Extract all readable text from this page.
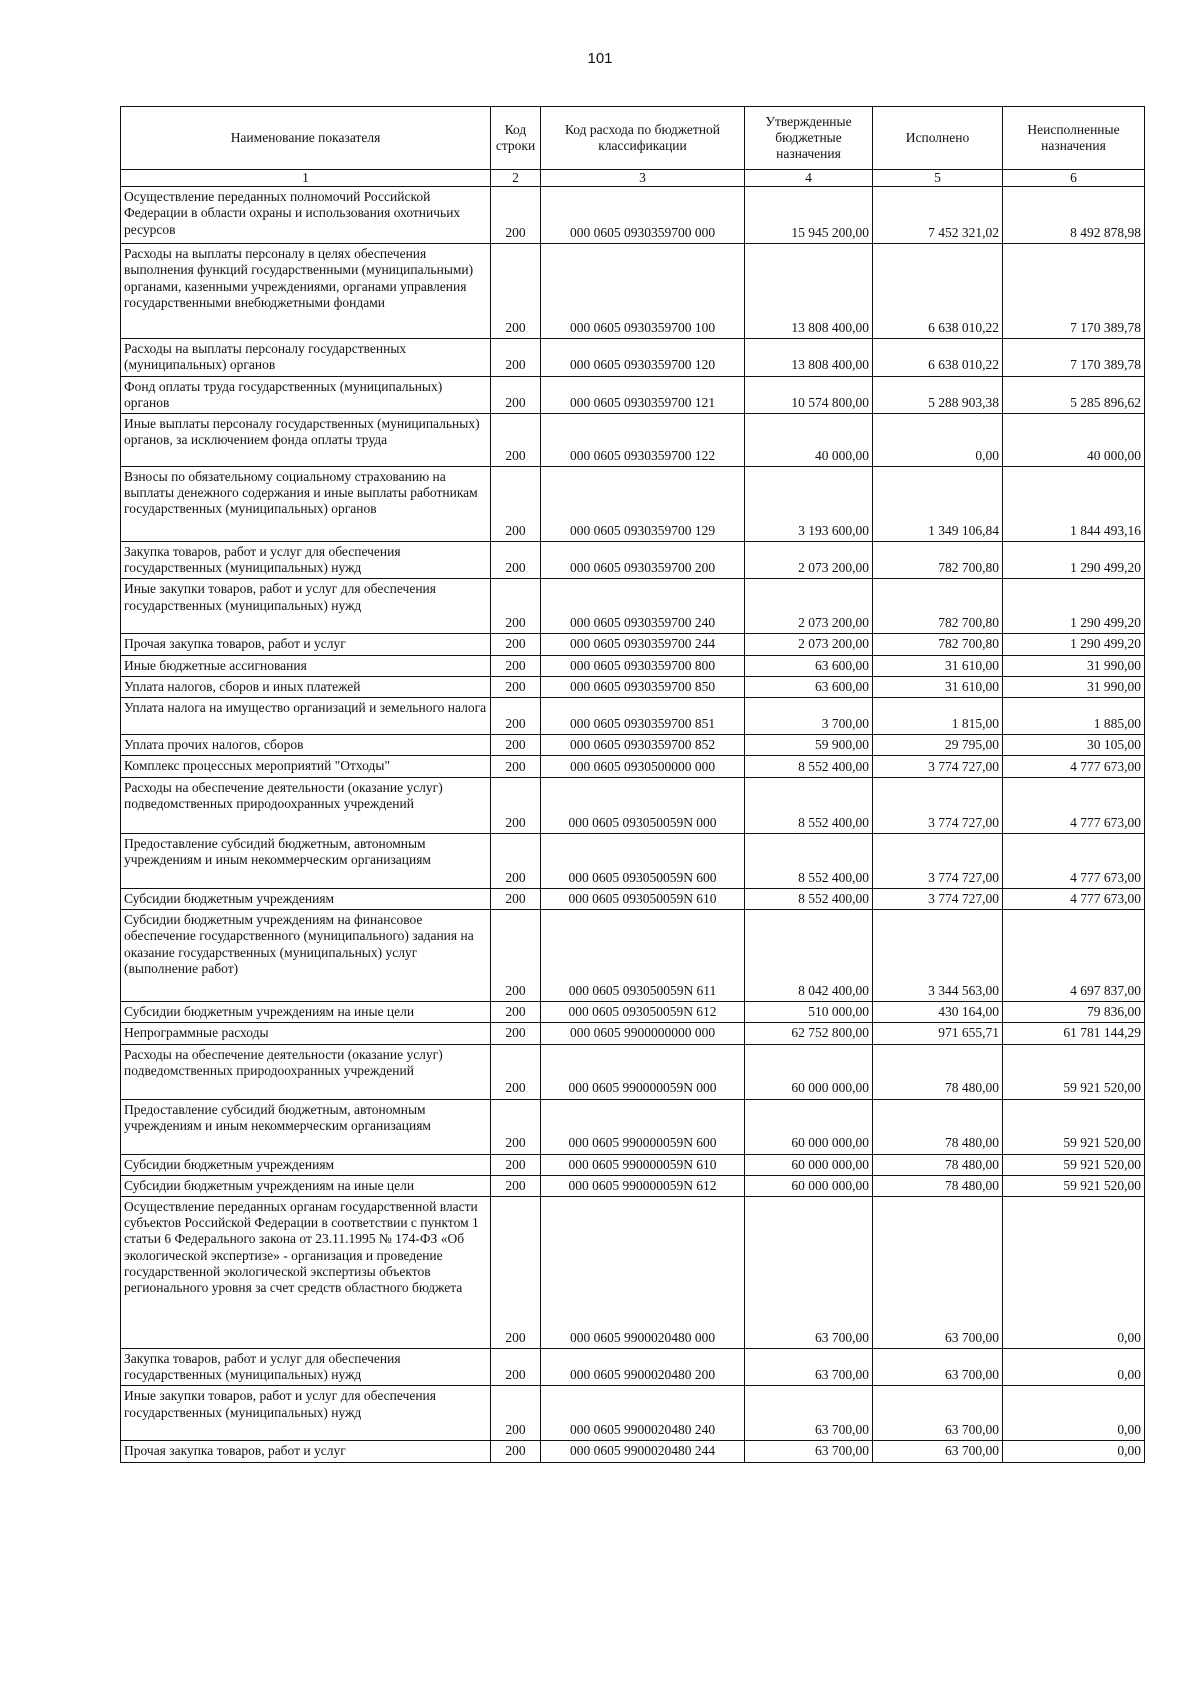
101
Наименование показателя	Код строки	Код расхода по бюджетной классификации	Утвержденные бюджетные назначения	Исполнено	Неисполненные назначения
1	2	3	4	5	6
Осуществление переданных полномочий Российской Федерации в области охраны и использования охотничьих ресурсов	200	000 0605 0930359700 000	15 945 200,00	7 452 321,02	8 492 878,98
Расходы на выплаты персоналу в целях обеспечения выполнения функций государственными (муниципальными) органами, казенными учреждениями, органами управления государственными внебюджетными фондами	200	000 0605 0930359700 100	13 808 400,00	6 638 010,22	7 170 389,78
Расходы на выплаты персоналу государственных (муниципальных) органов	200	000 0605 0930359700 120	13 808 400,00	6 638 010,22	7 170 389,78
Фонд оплаты труда государственных (муниципальных) органов	200	000 0605 0930359700 121	10 574 800,00	5 288 903,38	5 285 896,62
Иные выплаты персоналу государственных (муниципальных) органов, за исключением фонда оплаты труда	200	000 0605 0930359700 122	40 000,00	0,00	40 000,00
Взносы по обязательному социальному страхованию на выплаты денежного содержания и иные выплаты работникам государственных (муниципальных) органов	200	000 0605 0930359700 129	3 193 600,00	1 349 106,84	1 844 493,16
Закупка товаров, работ и услуг для обеспечения государственных (муниципальных) нужд	200	000 0605 0930359700 200	2 073 200,00	782 700,80	1 290 499,20
Иные закупки товаров, работ и услуг для обеспечения государственных (муниципальных) нужд	200	000 0605 0930359700 240	2 073 200,00	782 700,80	1 290 499,20
Прочая закупка товаров, работ и услуг	200	000 0605 0930359700 244	2 073 200,00	782 700,80	1 290 499,20
Иные бюджетные ассигнования	200	000 0605 0930359700 800	63 600,00	31 610,00	31 990,00
Уплата налогов, сборов и иных платежей	200	000 0605 0930359700 850	63 600,00	31 610,00	31 990,00
Уплата налога на имущество организаций и земельного налога	200	000 0605 0930359700 851	3 700,00	1 815,00	1 885,00
Уплата прочих налогов, сборов	200	000 0605 0930359700 852	59 900,00	29 795,00	30 105,00
Комплекс процессных мероприятий "Отходы"	200	000 0605 0930500000 000	8 552 400,00	3 774 727,00	4 777 673,00
Расходы на обеспечение деятельности (оказание услуг) подведомственных природоохранных учреждений	200	000 0605 093050059N 000	8 552 400,00	3 774 727,00	4 777 673,00
Предоставление субсидий бюджетным, автономным учреждениям и иным некоммерческим организациям	200	000 0605 093050059N 600	8 552 400,00	3 774 727,00	4 777 673,00
Субсидии бюджетным учреждениям	200	000 0605 093050059N 610	8 552 400,00	3 774 727,00	4 777 673,00
Субсидии бюджетным учреждениям на финансовое обеспечение государственного (муниципального) задания на оказание государственных (муниципальных) услуг (выполнение работ)	200	000 0605 093050059N 611	8 042 400,00	3 344 563,00	4 697 837,00
Субсидии бюджетным учреждениям на иные цели	200	000 0605 093050059N 612	510 000,00	430 164,00	79 836,00
Непрограммные расходы	200	000 0605 9900000000 000	62 752 800,00	971 655,71	61 781 144,29
Расходы на обеспечение деятельности (оказание услуг) подведомственных природоохранных учреждений	200	000 0605 990000059N 000	60 000 000,00	78 480,00	59 921 520,00
Предоставление субсидий бюджетным, автономным учреждениям и иным некоммерческим организациям	200	000 0605 990000059N 600	60 000 000,00	78 480,00	59 921 520,00
Субсидии бюджетным учреждениям	200	000 0605 990000059N 610	60 000 000,00	78 480,00	59 921 520,00
Субсидии бюджетным учреждениям на иные цели	200	000 0605 990000059N 612	60 000 000,00	78 480,00	59 921 520,00
Осуществление переданных органам государственной власти субъектов Российской Федерации в соответствии с пунктом 1 статьи 6 Федерального закона от 23.11.1995 № 174-ФЗ «Об экологической экспертизе» - организация и проведение государственной экологической экспертизы объектов регионального уровня за счет средств областного бюджета	200	000 0605 9900020480 000	63 700,00	63 700,00	0,00
Закупка товаров, работ и услуг для обеспечения государственных (муниципальных) нужд	200	000 0605 9900020480 200	63 700,00	63 700,00	0,00
Иные закупки товаров, работ и услуг для обеспечения государственных (муниципальных) нужд	200	000 0605 9900020480 240	63 700,00	63 700,00	0,00
Прочая закупка товаров, работ и услуг	200	000 0605 9900020480 244	63 700,00	63 700,00	0,00
